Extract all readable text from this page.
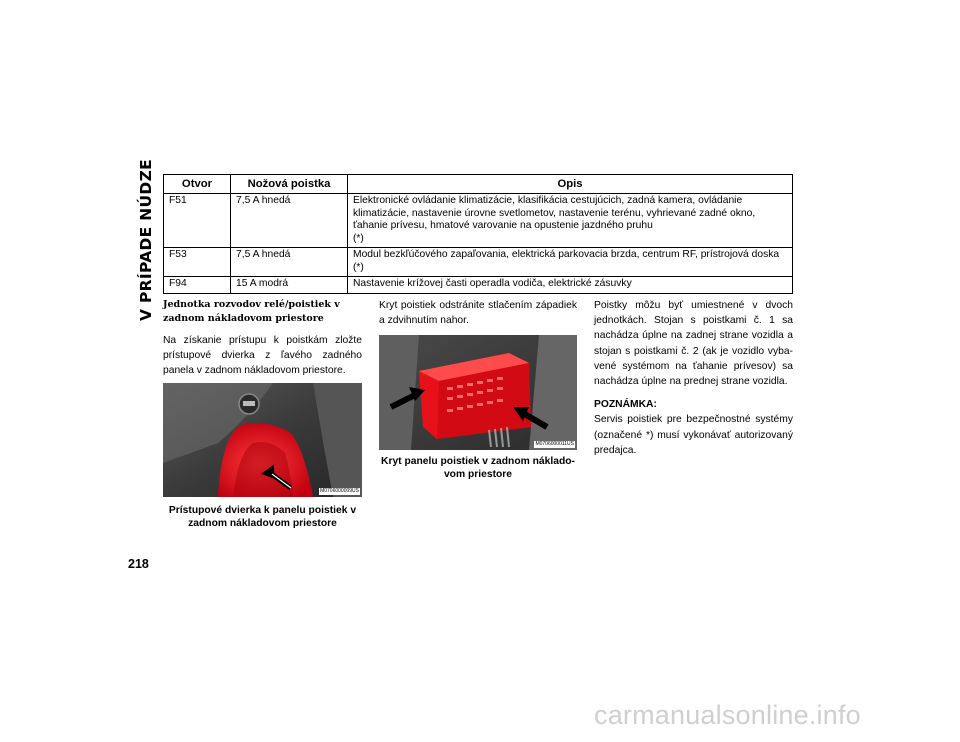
V PRÍPADE NÚDZE Otvor	Nožová poistka	Opis
F51	7,5 A hnedá	Elektronické ovládanie klimatizácie, klasifikácia cestujúcich, zadná kamera, ovládanie
klimatizácie, nastavenie úrovne svetlometov, nastavenie terénu, vyhrievané zadné okno,
ťahanie prívesu, hmatové varovanie na opustenie jazdného pruhu
(*)

F53	7,5 A hnedá	Modul bezkľúčového zapaľovania, elektrická parkovacia brzda, centrum RF, prístrojová doska
(*)

F94	15 A modrá	Nastavenie krížovej časti operadla vodiča, elektrické zásuvky

Jednotka rozvodov relé/poistiek v zadnom nákladovom priestore

Na získanie prístupu k poistkám zložte prístupové dvierka z ľavého zadného panela v zadnom nákladovom priestore.

M0706000009US
Prístupové dvierka k panelu poistiek v
zadnom nákladovom priestore

Kryt poistiek odstránite stlačením západiek a zdvihnutím nahor.

M0706000011US
Kryt panelu poistiek v zadnom náklado-
vom priestore

Poistky môžu byť umiestnené v dvoch jednotkách. Stojan s poistkami č. 1 sa nachádza úplne na zadnej strane vozidla a stojan s poistkami č. 2 (ak je vozidlo vyba- vené systémom na ťahanie prívesov) sa nachádza úplne na prednej strane vozidla.

POZNÁMKA:

Servis poistiek pre bezpečnostné systémy (označené *) musí vykonávať autorizovaný predajca.

218
carmanualsonline.info
